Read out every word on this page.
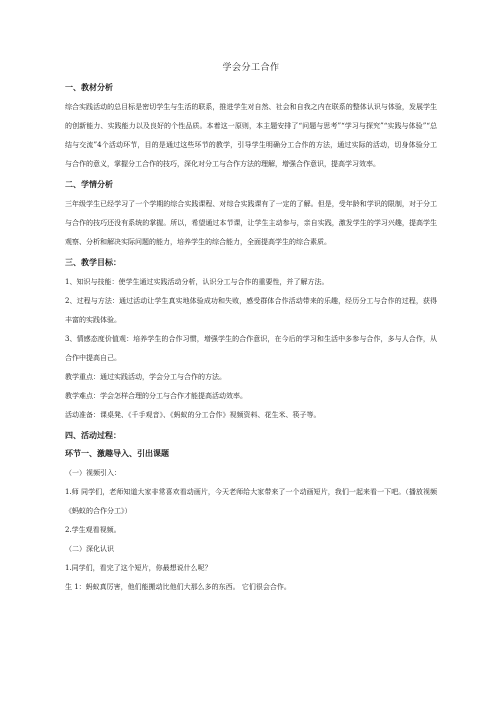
学会分工合作
一、教材分析

综合实践活动的总目标是密切学生与生活的联系，推进学生对自然、社会和自我之内在联系的整体认识与体验，发展学生的创新能力、实践能力以及良好的个性品质。本着这一原则，本主题安排了“问题与思考”“学习与探究”“实践与体验”“总结与交流”4个活动环节，目的是通过这些环节的教学，引导学生明确分工合作的方法，通过实际的活动，切身体验分工与合作的意义，掌握分工合作的技巧，深化对分工与合作方法的理解，增强合作意识，提高学习效率。

二、学情分析

三年级学生已经学习了一个学期的综合实践课程、对综合实践课有了一定的了解。但是，受年龄和学识的限制，对于分工与合作的技巧还没有系统的掌握。所以，希望通过本节课，让学生主动参与，亲自实践，激发学生的学习兴趣，提高学生观察、分析和解决实际问题的能力，培养学生的综合能力，全面提高学生的综合素质。

三、教学目标：

1、知识与技能：使学生通过实践活动分析，认识分工与合作的重要性，并了解方法。

2、过程与方法：通过活动让学生真实地体验成功和失败，感受群体合作活动带来的乐趣，经历分工与合作的过程，获得丰富的实践体验。

3、情感态度价值观：培养学生的合作习惯，增强学生的合作意识，在今后的学习和生活中多参与合作，多与人合作，从合作中提高自己。

教学重点：通过实践活动，学会分工与合作的方法。

教学难点：学会怎样合理的分工与合作才能提高活动效率。

活动准备：课桌凳、《千手观音》、《蚂蚁的分工合作》视频资料、花生米、筷子等。

四、活动过程：
环节一、激趣导入、引出课题

（一）视频引入：

1.师 同学们，老师知道大家非常喜欢看动画片，今天老师给大家带来了一个动画短片，我们一起来看一下吧。（播放视频《蚂蚁的合作分工》）

2.学生观看视频。

（二）深化认识

1.同学们，看完了这个短片，你最想说什么呢？

生 1：蚂蚁真厉害，他们能搬动比他们大那么多的东西。 它们很会合作。
